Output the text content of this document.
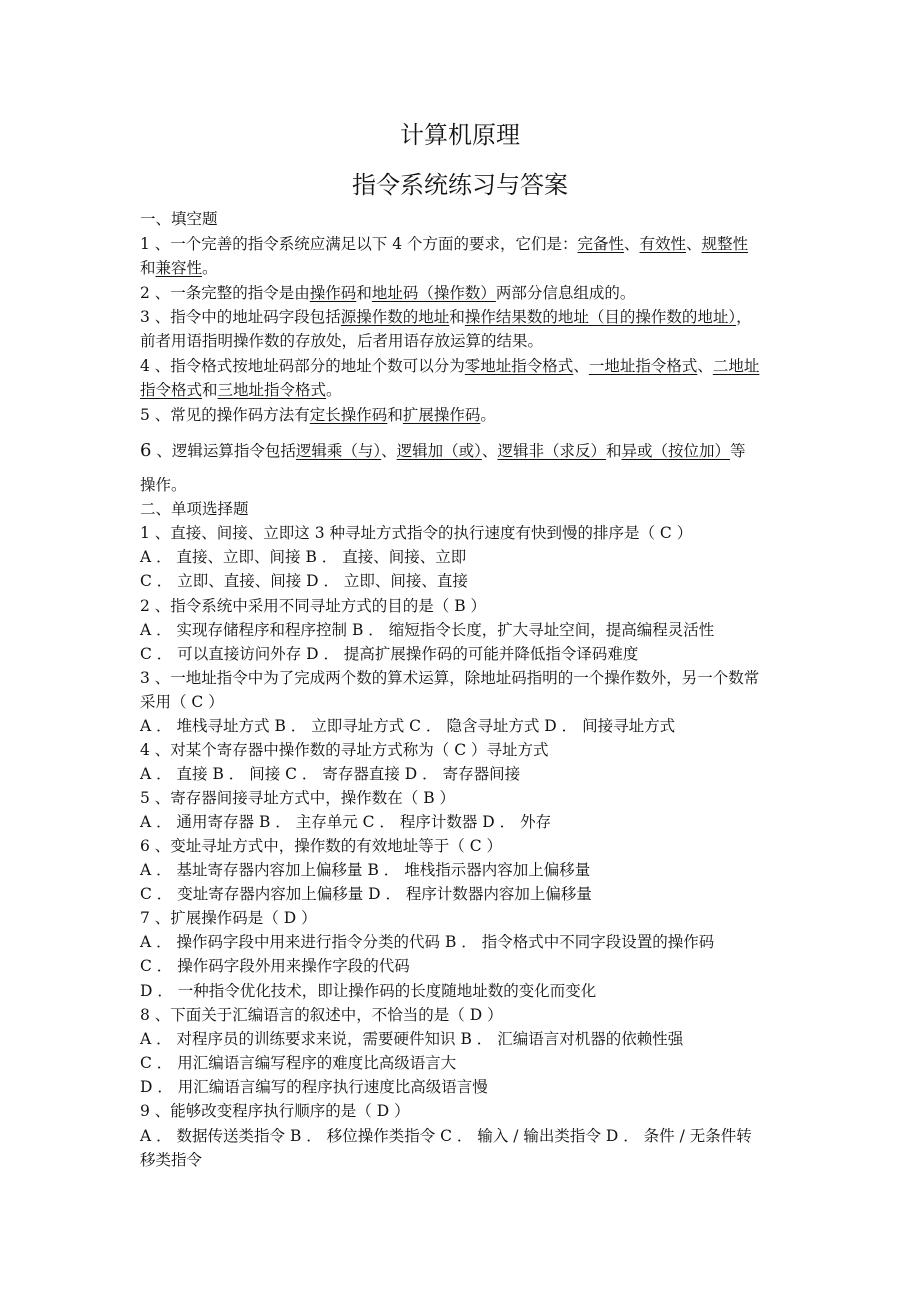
计算机原理
指令系统练习与答案
一、填空题
1 、一个完善的指令系统应满足以下 4 个方面的要求，它们是：完备性、有效性、规整性
和兼容性。
2 、一条完整的指令是由操作码和地址码（操作数）两部分信息组成的。
3 、指令中的地址码字段包括源操作数的地址和操作结果数的地址（目的操作数的地址），
前者用语指明操作数的存放处，后者用语存放运算的结果。
4 、指令格式按地址码部分的地址个数可以分为零地址指令格式、一地址指令格式、二地址
指令格式和三地址指令格式。
5 、常见的操作码方法有定长操作码和扩展操作码。
6 、逻辑运算指令包括逻辑乘（与）、逻辑加（或）、逻辑非（求反）和异或（按位加）等
操作。
二、单项选择题
1 、直接、间接、立即这 3 种寻址方式指令的执行速度有快到慢的排序是（ C ）
A ． 直接、立即、间接 B ． 直接、间接、立即
C ． 立即、直接、间接 D ． 立即、间接、直接
2 、指令系统中采用不同寻址方式的目的是（ B ）
A ． 实现存储程序和程序控制 B ． 缩短指令长度，扩大寻址空间，提高编程灵活性
C ． 可以直接访问外存 D ． 提高扩展操作码的可能并降低指令译码难度
3 、一地址指令中为了完成两个数的算术运算，除地址码指明的一个操作数外，另一个数常
采用（ C ）
A ． 堆栈寻址方式 B ． 立即寻址方式 C ． 隐含寻址方式 D ． 间接寻址方式
4 、对某个寄存器中操作数的寻址方式称为（ C ）寻址方式
A ． 直接 B ． 间接 C ． 寄存器直接 D ． 寄存器间接
5 、寄存器间接寻址方式中，操作数在（ B ）
A ． 通用寄存器 B ． 主存单元 C ． 程序计数器 D ． 外存
6 、变址寻址方式中，操作数的有效地址等于（ C ）
A ． 基址寄存器内容加上偏移量 B ． 堆栈指示器内容加上偏移量
C ． 变址寄存器内容加上偏移量 D ． 程序计数器内容加上偏移量
7 、扩展操作码是（ D ）
A ． 操作码字段中用来进行指令分类的代码 B ． 指令格式中不同字段设置的操作码
C ． 操作码字段外用来操作字段的代码
D ． 一种指令优化技术，即让操作码的长度随地址数的变化而变化
8 、下面关于汇编语言的叙述中，不恰当的是（ D ）
A ． 对程序员的训练要求来说，需要硬件知识 B ． 汇编语言对机器的依赖性强
C ． 用汇编语言编写程序的难度比高级语言大
D ． 用汇编语言编写的程序执行速度比高级语言慢
9 、能够改变程序执行顺序的是（ D ）
A ． 数据传送类指令 B ． 移位操作类指令 C ． 输入 / 输出类指令 D ． 条件 / 无条件转
移类指令
